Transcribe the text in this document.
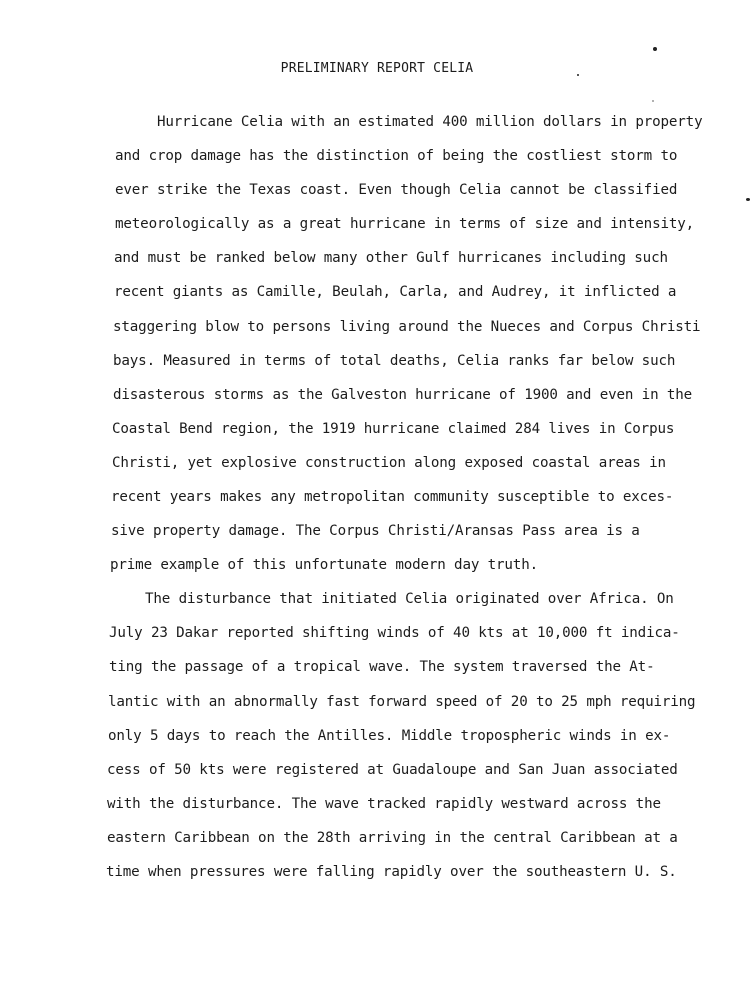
PRELIMINARY REPORT CELIA
Hurricane Celia with an estimated 400 million dollars in property
and crop damage has the distinction of being the costliest storm to
ever strike the Texas coast. Even though Celia cannot be classified
meteorologically as a great hurricane in terms of size and intensity,
and must be ranked below many other Gulf hurricanes including such
recent giants as Camille, Beulah, Carla, and Audrey, it inflicted a
staggering blow to persons living around the Nueces and Corpus Christi
bays. Measured in terms of total deaths, Celia ranks far below such
disasterous storms as the Galveston hurricane of 1900 and even in the
Coastal Bend region, the 1919 hurricane claimed 284 lives in Corpus
Christi, yet explosive construction along exposed coastal areas in
recent years makes any metropolitan community susceptible to exces-
sive property damage. The Corpus Christi/Aransas Pass area is a
prime example of this unfortunate modern day truth.
The disturbance that initiated Celia originated over Africa. On
July 23 Dakar reported shifting winds of 40 kts at 10,000 ft indica-
ting the passage of a tropical wave. The system traversed the At-
lantic with an abnormally fast forward speed of 20 to 25 mph requiring
only 5 days to reach the Antilles. Middle tropospheric winds in ex-
cess of 50 kts were registered at Guadaloupe and San Juan associated
with the disturbance. The wave tracked rapidly westward across the
eastern Caribbean on the 28th arriving in the central Caribbean at a
time when pressures were falling rapidly over the southeastern U. S.
